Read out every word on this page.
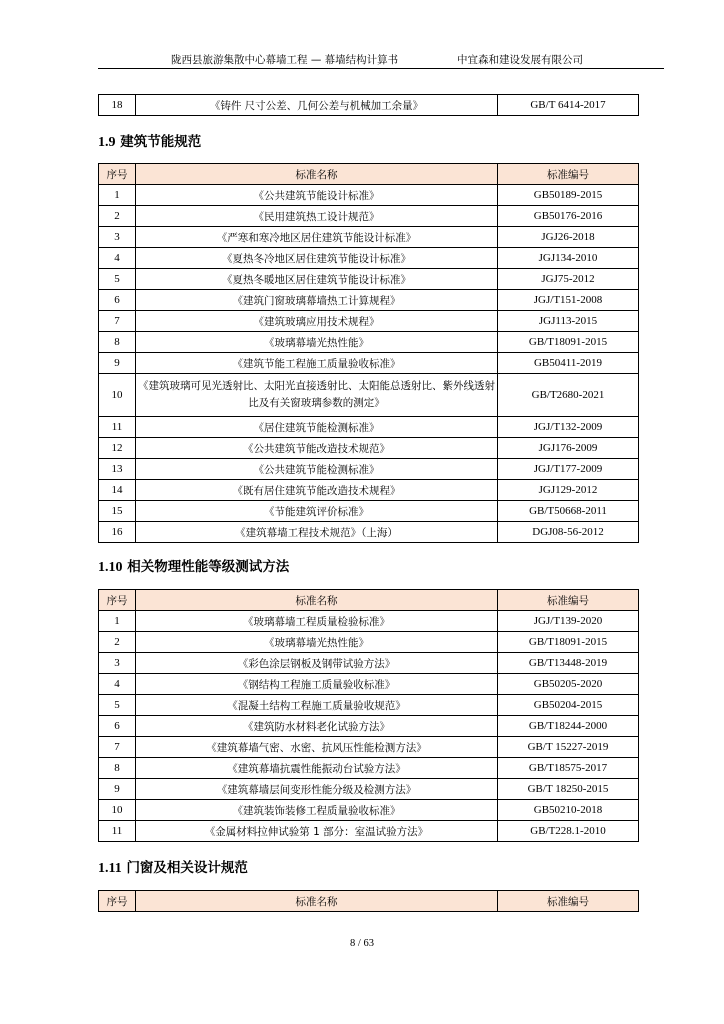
陇西县旅游集散中心幕墙工程 — 幕墙结构计算书	中宜森和建设发展有限公司
18	《铸件 尺寸公差、几何公差与机械加工余量》	GB/T 6414-2017
1.9 建筑节能规范
序号	标准名称	标准编号
1	《公共建筑节能设计标准》	GB50189-2015
2	《民用建筑热工设计规范》	GB50176-2016
3	《严寒和寒冷地区居住建筑节能设计标准》	JGJ26-2018
4	《夏热冬冷地区居住建筑节能设计标准》	JGJ134-2010
5	《夏热冬暖地区居住建筑节能设计标准》	JGJ75-2012
6	《建筑门窗玻璃幕墙热工计算规程》	JGJ/T151-2008
7	《建筑玻璃应用技术规程》	JGJ113-2015
8	《玻璃幕墙光热性能》	GB/T18091-2015
9	《建筑节能工程施工质量验收标准》	GB50411-2019
10	《建筑玻璃可见光透射比、太阳光直接透射比、太阳能总透射比、紫外线透射比及有关窗玻璃参数的测定》	GB/T2680-2021
11	《居住建筑节能检测标准》	JGJ/T132-2009
12	《公共建筑节能改造技术规范》	JGJ176-2009
13	《公共建筑节能检测标准》	JGJ/T177-2009
14	《既有居住建筑节能改造技术规程》	JGJ129-2012
15	《节能建筑评价标准》	GB/T50668-2011
16	《建筑幕墙工程技术规范》（上海）	DGJ08-56-2012
1.10 相关物理性能等级测试方法
序号	标准名称	标准编号
1	《玻璃幕墙工程质量检验标准》	JGJ/T139-2020
2	《玻璃幕墙光热性能》	GB/T18091-2015
3	《彩色涂层钢板及钢带试验方法》	GB/T13448-2019
4	《钢结构工程施工质量验收标准》	GB50205-2020
5	《混凝土结构工程施工质量验收规范》	GB50204-2015
6	《建筑防水材料老化试验方法》	GB/T18244-2000
7	《建筑幕墙气密、水密、抗风压性能检测方法》	GB/T 15227-2019
8	《建筑幕墙抗震性能振动台试验方法》	GB/T18575-2017
9	《建筑幕墙层间变形性能分级及检测方法》	GB/T 18250-2015
10	《建筑装饰装修工程质量验收标准》	GB50210-2018
11	《金属材料拉伸试验第 1 部分：室温试验方法》	GB/T228.1-2010
1.11 门窗及相关设计规范
序号	标准名称	标准编号
8 / 63
